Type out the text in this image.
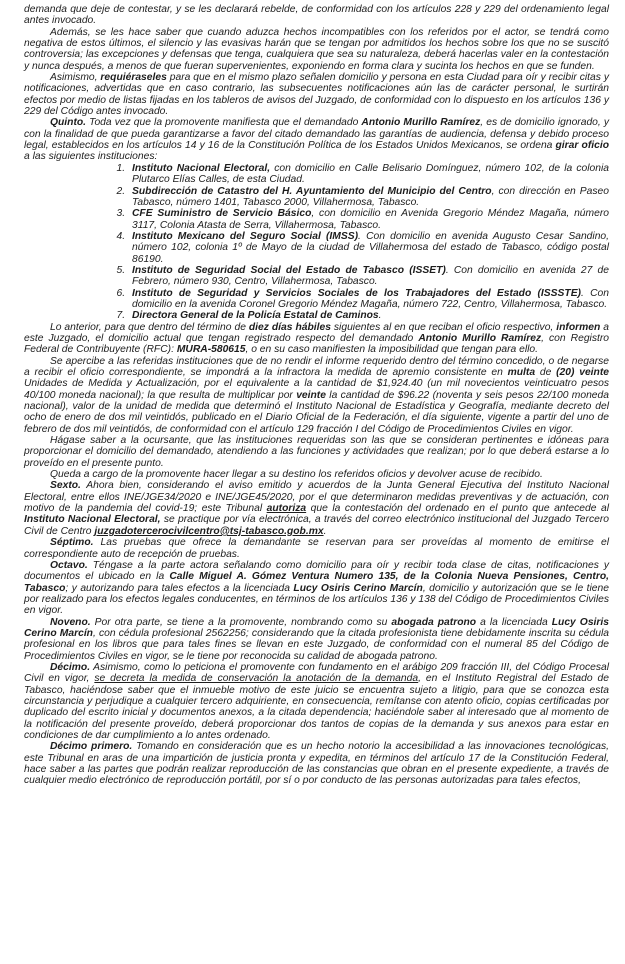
demanda que deje de contestar, y se les declarará rebelde, de conformidad con los artículos 228 y 229 del ordenamiento legal antes invocado.

Además, se les hace saber que cuando aduzca hechos incompatibles con los referidos por el actor, se tendrá como negativa de estos últimos, el silencio y las evasivas harán que se tengan por admitidos los hechos sobre los que no se suscitó controversia; las excepciones y defensas que tenga, cualquiera que sea su naturaleza, deberá hacerlas valer en la contestación y nunca después, a menos de que fueran supervenientes, exponiendo en forma clara y sucinta los hechos en que se funden.

Asimismo, requiéraseles para que en el mismo plazo señalen domicilio y persona en esta Ciudad para oír y recibir citas y notificaciones, advertidas que en caso contrario, las subsecuentes notificaciones aún las de carácter personal, le surtirán efectos por medio de listas fijadas en los tableros de avisos del Juzgado, de conformidad con lo dispuesto en los artículos 136 y 229 del Código antes invocado.

Quinto. Toda vez que la promovente manifiesta que el demandado Antonio Murillo Ramírez, es de domicilio ignorado, y con la finalidad de que pueda garantizarse a favor del citado demandado las garantías de audiencia, defensa y debido proceso legal, establecidos en los artículos 14 y 16 de la Constitución Política de los Estados Unidos Mexicanos, se ordena girar oficio a las siguientes instituciones:

1. Instituto Nacional Electoral, con domicilio en Calle Belisario Domínguez, número 102, de la colonia Plutarco Elías Calles, de esta Ciudad.
2. Subdirección de Catastro del H. Ayuntamiento del Municipio del Centro, con dirección en Paseo Tabasco, número 1401, Tabasco 2000, Villahermosa, Tabasco.
3. CFE Suministro de Servicio Básico, con domicilio en Avenida Gregorio Méndez Magaña, número 3117, Colonia Atasta de Serra, Villahermosa, Tabasco.
4. Instituto Mexicano del Seguro Social (IMSS). Con domicilio en avenida Augusto Cesar Sandino, número 102, colonia 1º de Mayo de la ciudad de Villahermosa del estado de Tabasco, código postal 86190.
5. Instituto de Seguridad Social del Estado de Tabasco (ISSET). Con domicilio en avenida 27 de Febrero, número 930, Centro, Villahermosa, Tabasco.
6. Instituto de Seguridad y Servicios Sociales de los Trabajadores del Estado (ISSSTE). Con domicilio en la avenida Coronel Gregorio Méndez Magaña, número 722, Centro, Villahermosa, Tabasco.
7. Directora General de la Policía Estatal de Caminos.

Lo anterior, para que dentro del término de diez días hábiles siguientes al en que reciban el oficio respectivo, informen a este Juzgado, el domicilio actual que tengan registrado respecto del demandado Antonio Murillo Ramírez, con Registro Federal de Contribuyente (RFC): MURA-580615, o en su caso manifiesten la imposibilidad que tengan para ello.

Se apercibe a las referidas instituciones que de no rendir el informe requerido dentro del término concedido, o de negarse a recibir el oficio correspondiente, se impondrá a la infractora la medida de apremio consistente en multa de (20) veinte Unidades de Medida y Actualización, por el equivalente a la cantidad de $1,924.40 (un mil novecientos veinticuatro pesos 40/100 moneda nacional); la que resulta de multiplicar por veinte la cantidad de $96.22 (noventa y seis pesos 22/100 moneda nacional), valor de la unidad de medida que determinó el Instituto Nacional de Estadística y Geografía, mediante decreto del ocho de enero de dos mil veintidós, publicado en el Diario Oficial de la Federación, el día siguiente, vigente a partir del uno de febrero de dos mil veintidós, de conformidad con el artículo 129 fracción I del Código de Procedimientos Civiles en vigor.

Hágase saber a la ocursante, que las instituciones requeridas son las que se consideran pertinentes e idóneas para proporcionar el domicilio del demandado, atendiendo a las funciones y actividades que realizan; por lo que deberá estarse a lo proveído en el presente punto.

Queda a cargo de la promovente hacer llegar a su destino los referidos oficios y devolver acuse de recibido.

Sexto. Ahora bien, considerando el aviso emitido y acuerdos de la Junta General Ejecutiva del Instituto Nacional Electoral, entre ellos INE/JGE34/2020 e INE/JGE45/2020, por el que determinaron medidas preventivas y de actuación, con motivo de la pandemia del covid-19; este Tribunal autoriza que la contestación del ordenado en el punto que antecede al Instituto Nacional Electoral, se practique por vía electrónica, a través del correo electrónico institucional del Juzgado Tercero Civil de Centro juzgadotercerocivilcentro@tsj-tabasco.gob.mx.

Séptimo. Las pruebas que ofrece la demandante se reservan para ser proveídas al momento de emitirse el correspondiente auto de recepción de pruebas.

Octavo. Téngase a la parte actora señalando como domicilio para oír y recibir toda clase de citas, notificaciones y documentos el ubicado en la Calle Miguel A. Gómez Ventura Numero 135, de la Colonia Nueva Pensiones, Centro, Tabasco; y autorizando para tales efectos a la licenciada Lucy Osiris Cerino Marcín, domicilio y autorización que se le tiene por realizado para los efectos legales conducentes, en términos de los artículos 136 y 138 del Código de Procedimientos Civiles en vigor.

Noveno. Por otra parte, se tiene a la promovente, nombrando como su abogada patrono a la licenciada Lucy Osiris Cerino Marcín, con cédula profesional 2562256; considerando que la citada profesionista tiene debidamente inscrita su cédula profesional en los libros que para tales fines se llevan en este Juzgado, de conformidad con el numeral 85 del Código de Procedimientos Civiles en vigor, se le tiene por reconocida su calidad de abogada patrono.

Décimo. Asimismo, como lo peticiona el promovente con fundamento en el arábigo 209 fracción III, del Código Procesal Civil en vigor, se decreta la medida de conservación la anotación de la demanda, en el Instituto Registral del Estado de Tabasco, haciéndose saber que el inmueble motivo de este juicio se encuentra sujeto a litigio, para que se conozca esta circunstancia y perjudique a cualquier tercero adquiriente, en consecuencia, remítanse con atento oficio, copias certificadas por duplicado del escrito inicial y documentos anexos, a la citada dependencia; haciéndole saber al interesado que al momento de la notificación del presente proveído, deberá proporcionar dos tantos de copias de la demanda y sus anexos para estar en condiciones de dar cumplimiento a lo antes ordenado.

Décimo primero. Tomando en consideración que es un hecho notorio la accesibilidad a las innovaciones tecnológicas, este Tribunal en aras de una impartición de justicia pronta y expedita, en términos del artículo 17 de la Constitución Federal, hace saber a las partes que podrán realizar reproducción de las constancias que obran en el presente expediente, a través de cualquier medio electrónico de reproducción portátil, por sí o por conducto de las personas autorizadas para tales efectos,
